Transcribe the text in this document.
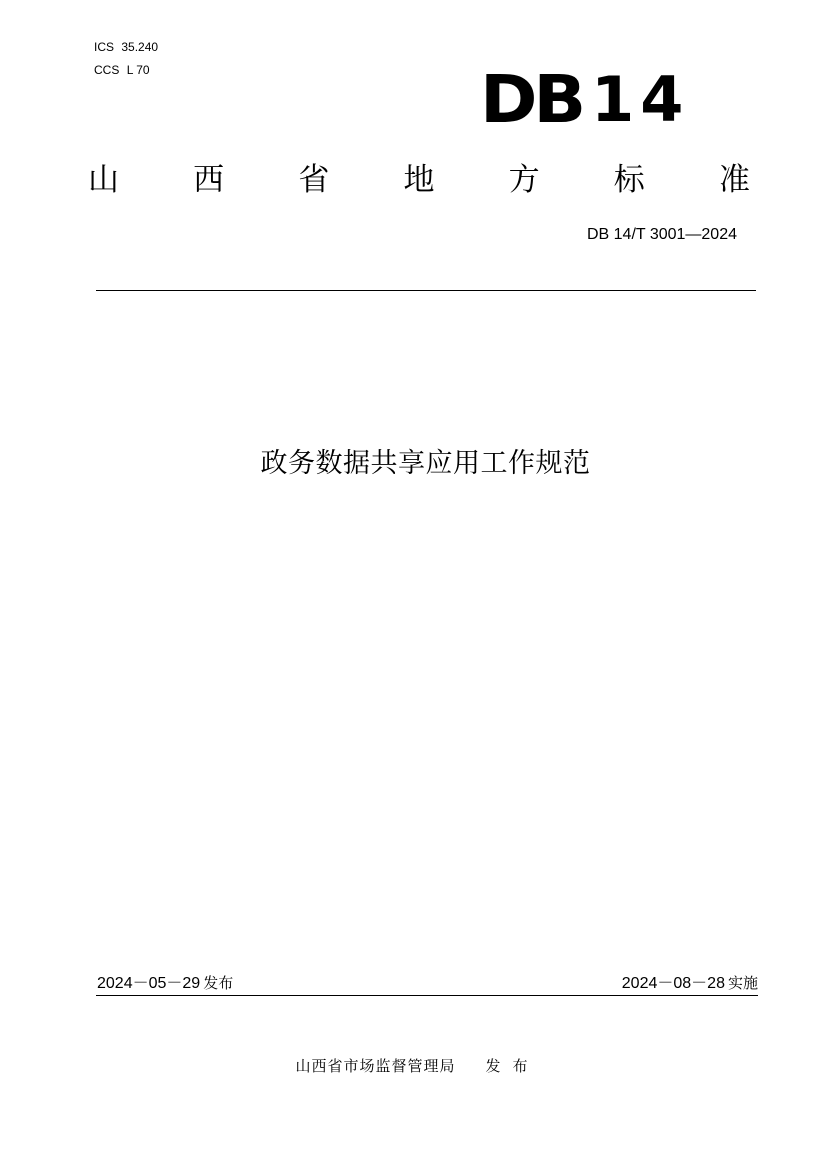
ICS 35.240
CCS L 70	DB 14
山 西 省 地 方 标 准
DB 14/T 3001—2024
政务数据共享应用工作规范
2024－05－29 发布	2024－08－28 实施
山西省市场监督管理局 发布
